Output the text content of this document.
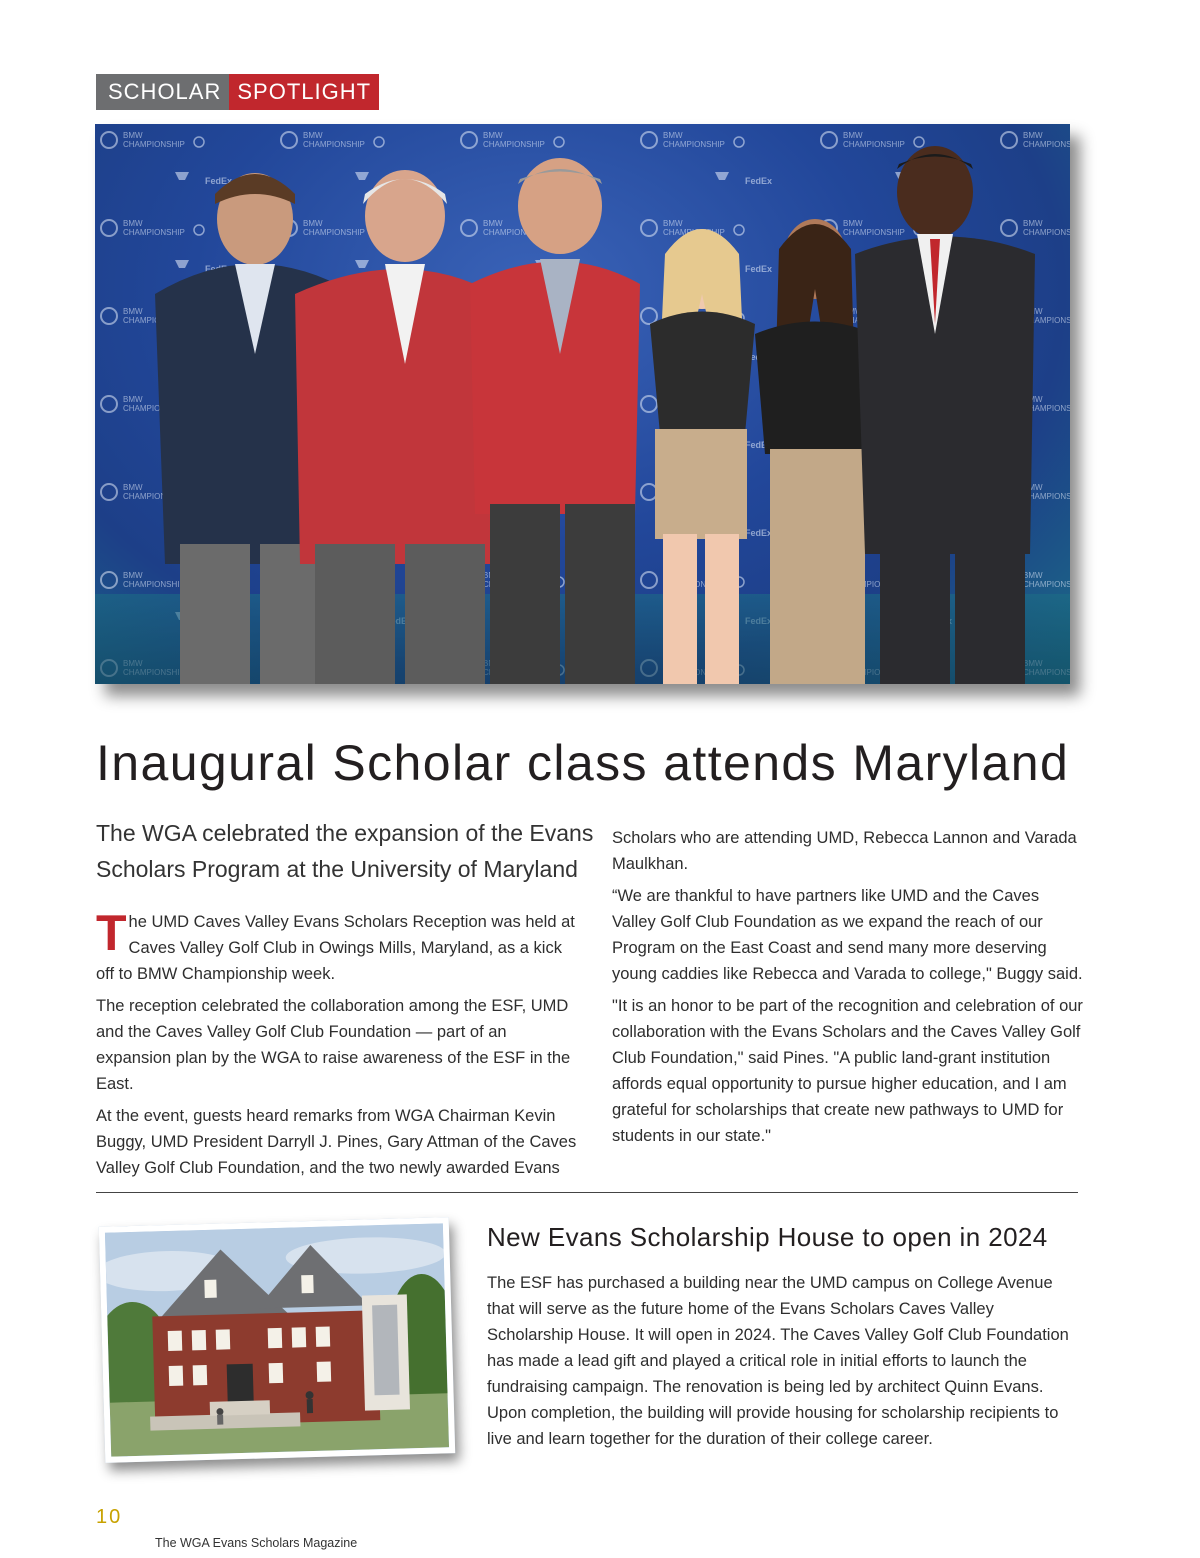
SCHOLAR SPOTLIGHT
Inaugural Scholar class attends Maryland
The WGA celebrated the expansion of the Evans Scholars Program at the University of Maryland

The UMD Caves Valley Evans Scholars Reception was held at Caves Valley Golf Club in Owings Mills, Maryland, as a kick off to BMW Championship week.

The reception celebrated the collaboration among the ESF, UMD and the Caves Valley Golf Club Foundation — part of an expansion plan by the WGA to raise awareness of the ESF in the East.

At the event, guests heard remarks from WGA Chairman Kevin Buggy, UMD President Darryll J. Pines, Gary Attman of the Caves Valley Golf Club Foundation, and the two newly awarded Evans

Scholars who are attending UMD, Rebecca Lannon and Varada Maulkhan.

“We are thankful to have partners like UMD and the Caves Valley Golf Club Foundation as we expand the reach of our Program on the East Coast and send many more deserving young caddies like Rebecca and Varada to college," Buggy said.

"It is an honor to be part of the recognition and celebration of our collaboration with the Evans Scholars and the Caves Valley Golf Club Foundation," said Pines. "A public land-grant institution affords equal opportunity to pursue higher education, and I am grateful for scholarships that create new pathways to UMD for students in our state."

New Evans Scholarship House to open in 2024

The ESF has purchased a building near the UMD campus on College Avenue that will serve as the future home of the Evans Scholars Caves Valley Scholarship House. It will open in 2024. The Caves Valley Golf Club Foundation has made a lead gift and played a critical role in initial efforts to launch the fundraising campaign. The renovation is being led by architect Quinn Evans. Upon completion, the building will provide housing for scholarship recipients to live and learn together for the duration of their college career.

10
The WGA Evans Scholars Magazine
